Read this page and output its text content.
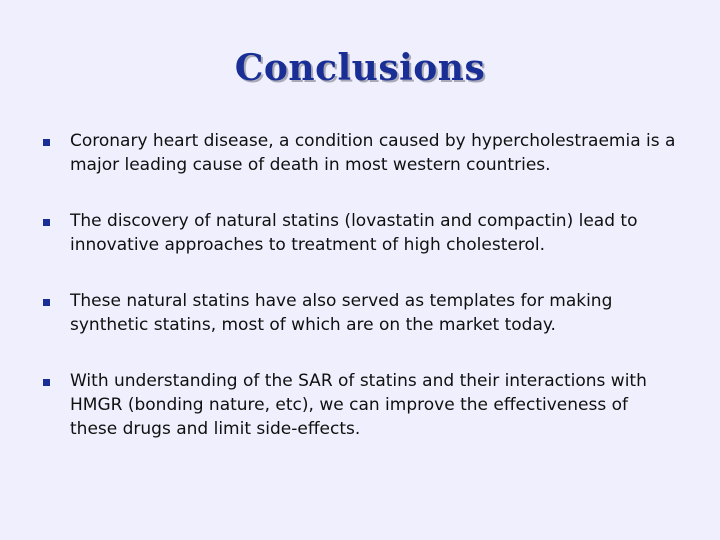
Conclusions
Coronary heart disease, a condition caused by hypercholestraemia is a major leading cause of death in most western countries.
The discovery of natural statins (lovastatin and compactin) lead to innovative approaches to treatment of high cholesterol.
These natural statins have also served as templates for making synthetic statins, most of which are on the market today.
With understanding of the SAR of statins and their interactions with HMGR (bonding nature, etc), we can improve the effectiveness of these drugs and limit side-effects.
